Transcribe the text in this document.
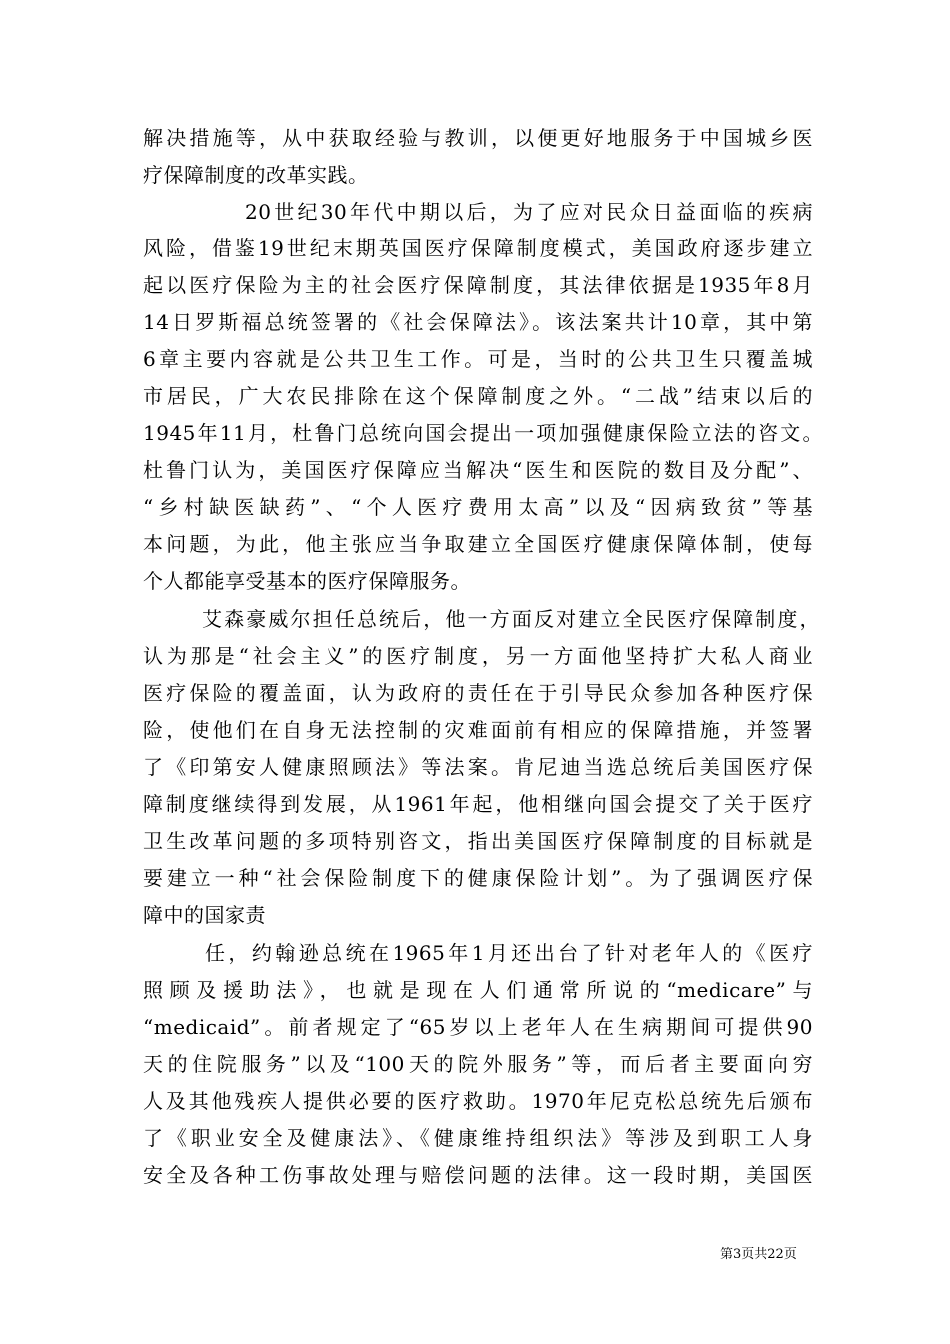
解决措施等，从中获取经验与教训，以便更好地服务于中国城乡医
疗保障制度的改革实践。
20世纪30年代中期以后，为了应对民众日益面临的疾病
风险，借鉴19世纪末期英国医疗保障制度模式，美国政府逐步建立
起以医疗保险为主的社会医疗保障制度，其法律依据是1935年8月
14日罗斯福总统签署的《社会保障法》。该法案共计10章，其中第
6章主要内容就是公共卫生工作。可是，当时的公共卫生只覆盖城
市居民，广大农民排除在这个保障制度之外。“二战”结束以后的
1945年11月，杜鲁门总统向国会提出一项加强健康保险立法的咨文。
杜鲁门认为，美国医疗保障应当解决“医生和医院的数目及分配”、
“乡村缺医缺药”、“个人医疗费用太高”以及“因病致贫”等基
本问题，为此，他主张应当争取建立全国医疗健康保障体制，使每
个人都能享受基本的医疗保障服务。
艾森豪威尔担任总统后，他一方面反对建立全民医疗保障制度，
认为那是“社会主义”的医疗制度，另一方面他坚持扩大私人商业
医疗保险的覆盖面，认为政府的责任在于引导民众参加各种医疗保
险，使他们在自身无法控制的灾难面前有相应的保障措施，并签署
了《印第安人健康照顾法》等法案。肯尼迪当选总统后美国医疗保
障制度继续得到发展，从1961年起，他相继向国会提交了关于医疗
卫生改革问题的多项特别咨文，指出美国医疗保障制度的目标就是
要建立一种“社会保险制度下的健康保险计划”。为了强调医疗保
障中的国家责
任，约翰逊总统在1965年1月还出台了针对老年人的《医疗
照顾及援助法》，也就是现在人们通常所说的“medicare”与
“medicaid”。前者规定了“65岁以上老年人在生病期间可提供90
天的住院服务”以及“100天的院外服务”等，而后者主要面向穷
人及其他残疾人提供必要的医疗救助。1970年尼克松总统先后颁布
了《职业安全及健康法》、《健康维持组织法》等涉及到职工人身
安全及各种工伤事故处理与赔偿问题的法律。这一段时期，美国医
第3页共22页
